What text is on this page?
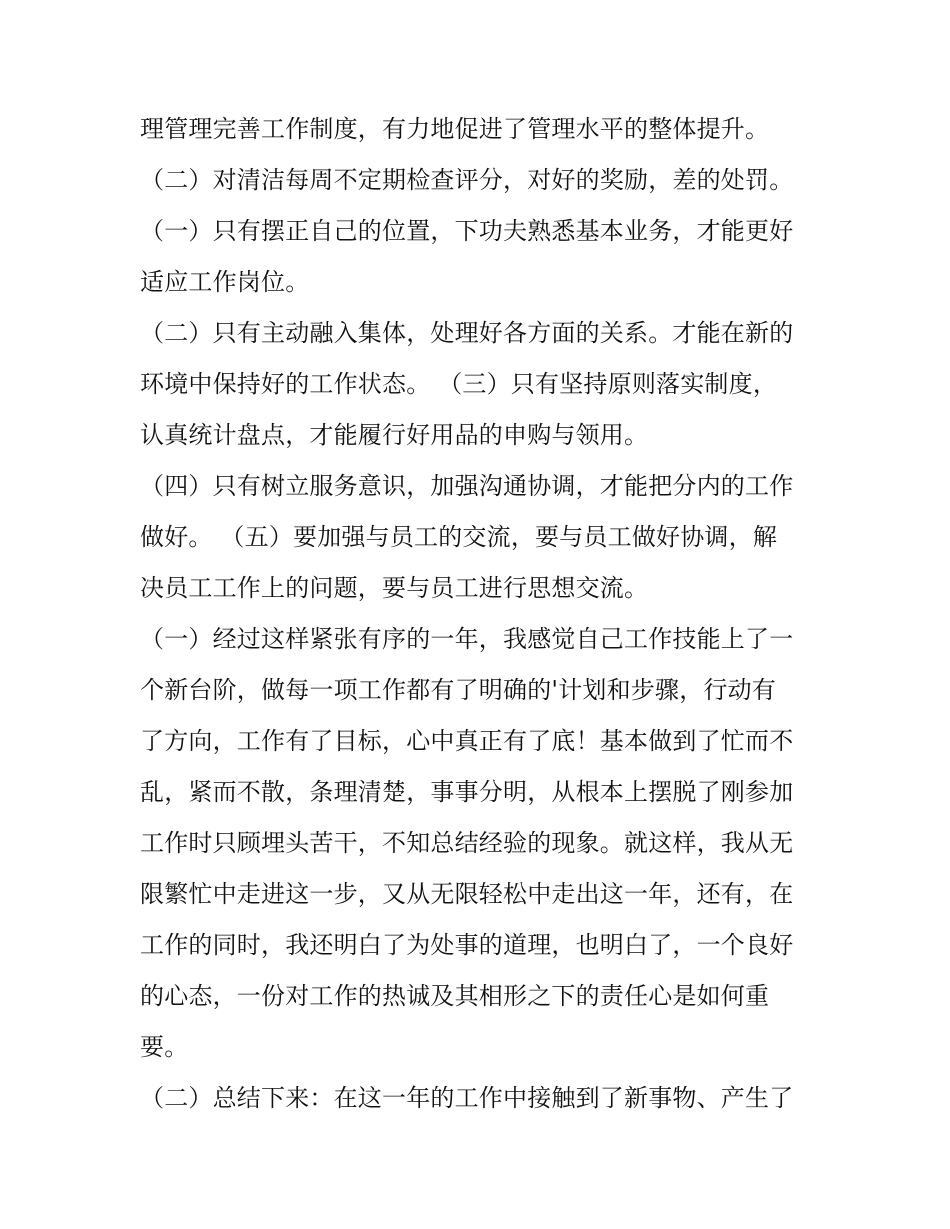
理管理完善工作制度，有力地促进了管理水平的整体提升。
（二）对清洁每周不定期检查评分，对好的奖励，差的处罚。
（一）只有摆正自己的位置，下功夫熟悉基本业务，才能更好
适应工作岗位。
（二）只有主动融入集体，处理好各方面的关系。才能在新的
环境中保持好的工作状态。 （三）只有坚持原则落实制度，
认真统计盘点，才能履行好用品的申购与领用。
（四）只有树立服务意识，加强沟通协调，才能把分内的工作
做好。 （五）要加强与员工的交流，要与员工做好协调，解
决员工工作上的问题，要与员工进行思想交流。
（一）经过这样紧张有序的一年，我感觉自己工作技能上了一
个新台阶，做每一项工作都有了明确的'计划和步骤，行动有
了方向，工作有了目标，心中真正有了底！基本做到了忙而不
乱，紧而不散，条理清楚，事事分明，从根本上摆脱了刚参加
工作时只顾埋头苦干，不知总结经验的现象。就这样，我从无
限繁忙中走进这一步，又从无限轻松中走出这一年，还有，在
工作的同时，我还明白了为处事的道理，也明白了，一个良好
的心态，一份对工作的热诚及其相形之下的责任心是如何重
要。
（二）总结下来：在这一年的工作中接触到了新事物、产生了
